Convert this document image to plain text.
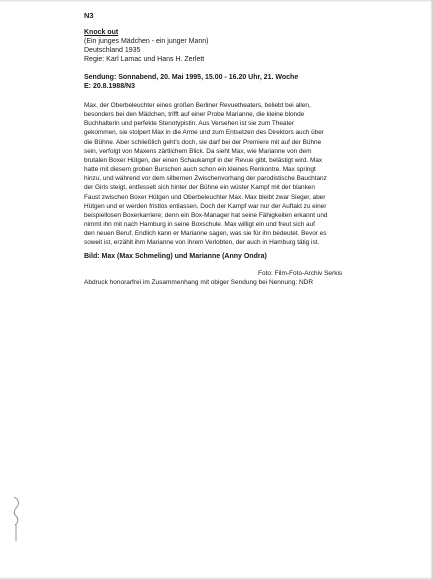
N3
Knock out
(Ein junges Mädchen - ein junger Mann)
Deutschland 1935
Regie: Karl Lamac und Hans H. Zerlett
Sendung: Sonnabend, 20. Mai 1995, 15.00 - 16.20 Uhr, 21. Woche
E: 20.8.1988/N3
Max, der Oberbeleuchter eines großen Berliner Revuetheaters, beliebt bei allen,
besonders bei den Mädchen, trifft auf einer Probe Marianne, die kleine blonde
Buchhalterin und perfekte Stenotypistin. Aus Versehen ist sie zum Theater
gekommen, sie stolpert Max in die Arme und zum Entsetzen des Direktors auch über
die Bühne. Aber schließlich geht's doch, sie darf bei der Premiere mit auf der Bühne
sein, verfolgt von Maxens zärtlichem Blick. Da sieht Max, wie Marianne von dem
brutalen Boxer Hütgen, der einen Schaukampf in der Revue gibt, belästigt wird. Max
hatte mit diesem groben Burschen auch schon ein kleines Renkontre. Max springt
hinzu, und während vor dem silbernen Zwischenvorhang der parodistische Bauchtanz
der Girls steigt, entfesselt sich hinter der Bühne ein wüster Kampf mit der blanken
Faust zwischen Boxer Hütgen und Oberbeleuchter Max. Max bleibt zwar Sieger, aber
Hütgen und er werden fristlos entlassen. Doch der Kampf war nur der Auftakt zu einer
beispiellosen Boxerkarriere; denn ein Box-Manager hat seine Fähigkeiten erkannt und
nimmt ihn mit nach Hamburg in seine Boxschule. Max willigt ein und freut sich auf
den neuen Beruf. Endlich kann er Marianne sagen, was sie für ihn bedeutet. Bevor es
soweit ist, erzählt ihm Marianne von ihrem Verlobten, der auch in Hamburg tätig ist.
Bild: Max (Max Schmeling) und Marianne (Anny Ondra)
Foto: Film-Foto-Archiv Serkis
Abdruck honorarfrei im Zusammenhang mit obiger Sendung bei Nennung: NDR
